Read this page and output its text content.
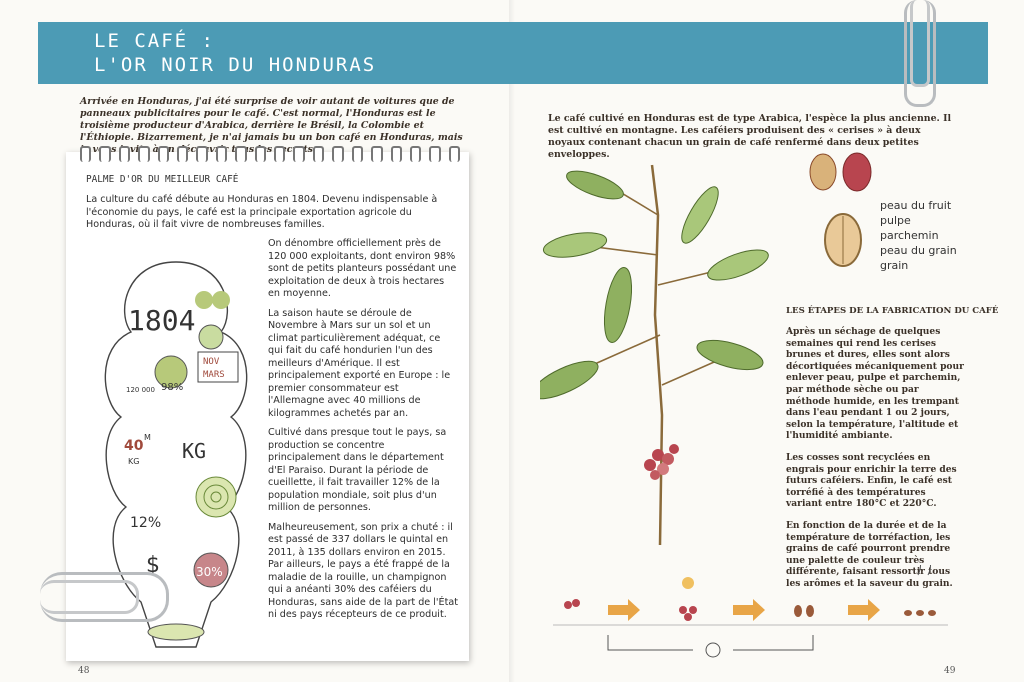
LE CAFÉ :
L'OR NOIR DU HONDURAS
Arrivée en Honduras, j'ai été surprise de voir autant de voitures que de panneaux publicitaires pour le café. C'est normal, l'Honduras est le troisième producteur d'Arabica, derrière le Brésil, la Colombie et l'Éthiopie. Bizarrement, je n'ai jamais bu un bon café en Honduras, mais invite à
PALME D'OR DU MEILLEUR CAFÉ
La culture du café débute au Honduras en 1804. Devenu indispensable à l'économie du pays, le café est la principale exportation agricole du Honduras, où il fait vivre de nombreuses familles.

On dénombre officiellement près de 120 000 exploitants, dont environ 98% sont de petits planteurs possédant une exploitation de deux à trois hectares en moyenne.

La saison haute se déroule de Novembre à Mars sur un sol et un climat particulièrement adéquat, ce qui fait du café hondurien l'un des meilleurs d'Amérique. Il est principalement exporté en Europe : le premier consommateur est l'Allemagne avec 40 millions de kilogrammes achetés par an.

Cultivé dans presque tout le pays, sa production se concentre principalement dans le département d'El Paraiso. Durant la période de cueillette, il fait travailler 12% de la population mondiale, soit plus d'un million de personnes.

Malheureusement, son prix a chuté : il est passé de 337 dollars le quintal en 2011, à 135 dollars environ en 2015. Par ailleurs, le pays a été frappé de la maladie de la rouille, un champignon qui a anéanti 30% des caféiers du Honduras, sans aide de la part de l'État ni des pays récepteurs de ce produit.

1804
98%
120 000
NOV
MARS
40
M
KG KG
12%
$	30%
48
Le café cultivé en Honduras est de type Arabica, l'espèce la plus ancienne. Il est cultivé en montagne. Les caféiers produisent des « cerises » à deux noyaux contenant chacun un grain de café renfermé dans deux petites enveloppes.
peau du fruit
pulpe
parchemin
peau du grain
grain
LES ÉTAPES DE LA FABRICATION DU CAFÉ

Après un séchage de quelques semaines qui rend les cerises brunes et dures, elles sont alors décortiquées mécaniquement pour enlever peau, pulpe et parchemin, par méthode sèche ou par méthode humide, en les trempant dans l'eau pendant 1 ou 2 jours, selon la température, l'altitude et l'humidité ambiante.

Les cosses sont recyclées en engrais pour enrichir la terre des futurs caféiers. Enfin, le café est torréfié à des températures variant entre 180°C et 220°C.

En fonction de la durée et de la température de torréfaction, les grains de café pourront prendre une palette de couleur très différente, faisant ressortir tous les arômes et la saveur du grain.

49
